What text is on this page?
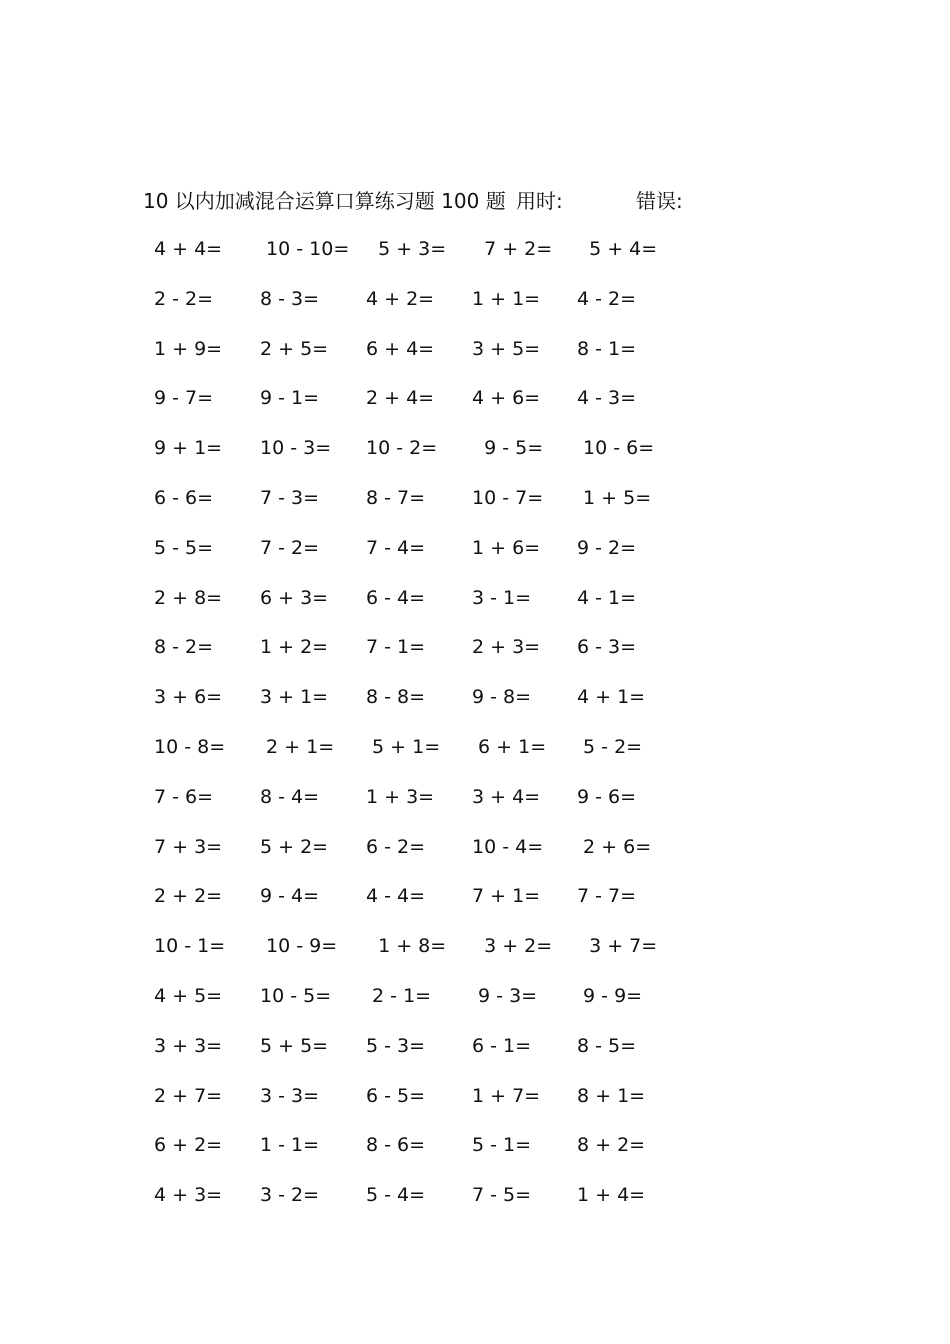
10 以内加减混合运算口算练习题 100 题 用时:	错误:
4 + 4=	10 - 10= 5 + 3=	7 + 2=	5 + 4=
2 - 2=	8 - 3=	4 + 2=	1 + 1=	4 - 2=
1 + 9=	2 + 5=	6 + 4=	3 + 5=	8 - 1=
9 - 7=	9 - 1=	2 + 4=	4 + 6=	4 - 3=
9 + 1=	10 - 3=	10 - 2=	9 - 5=	10 - 6=
6 - 6=	7 - 3=	8 - 7=	10 - 7=	1 + 5=
5 - 5=	7 - 2=	7 - 4=	1 + 6=	9 - 2=
2 + 8=	6 + 3=	6 - 4=	3 - 1=	4 - 1=
8 - 2=	1 + 2=	7 - 1=	2 + 3=	6 - 3=
3 + 6=	3 + 1=	8 - 8=	9 - 8=	4 + 1=
10 - 8=	2 + 1=	5 + 1=	6 + 1=	5 - 2=
7 - 6=	8 - 4=	1 + 3=	3 + 4=	9 - 6=
7 + 3=	5 + 2=	6 - 2=	10 - 4=	2 + 6=
2 + 2=	9 - 4=	4 - 4=	7 + 1=	7 - 7=
10 - 1=	10 - 9=	1 + 8=	3 + 2=	3 + 7=
4 + 5=	10 - 5=	2 - 1=	9 - 3=	9 - 9=
3 + 3=	5 + 5=	5 - 3=	6 - 1=	8 - 5=
2 + 7=	3 - 3=	6 - 5=	1 + 7=	8 + 1=
6 + 2=	1 - 1=	8 - 6=	5 - 1=	8 + 2=
4 + 3=	3 - 2=	5 - 4=	7 - 5=	1 + 4=
